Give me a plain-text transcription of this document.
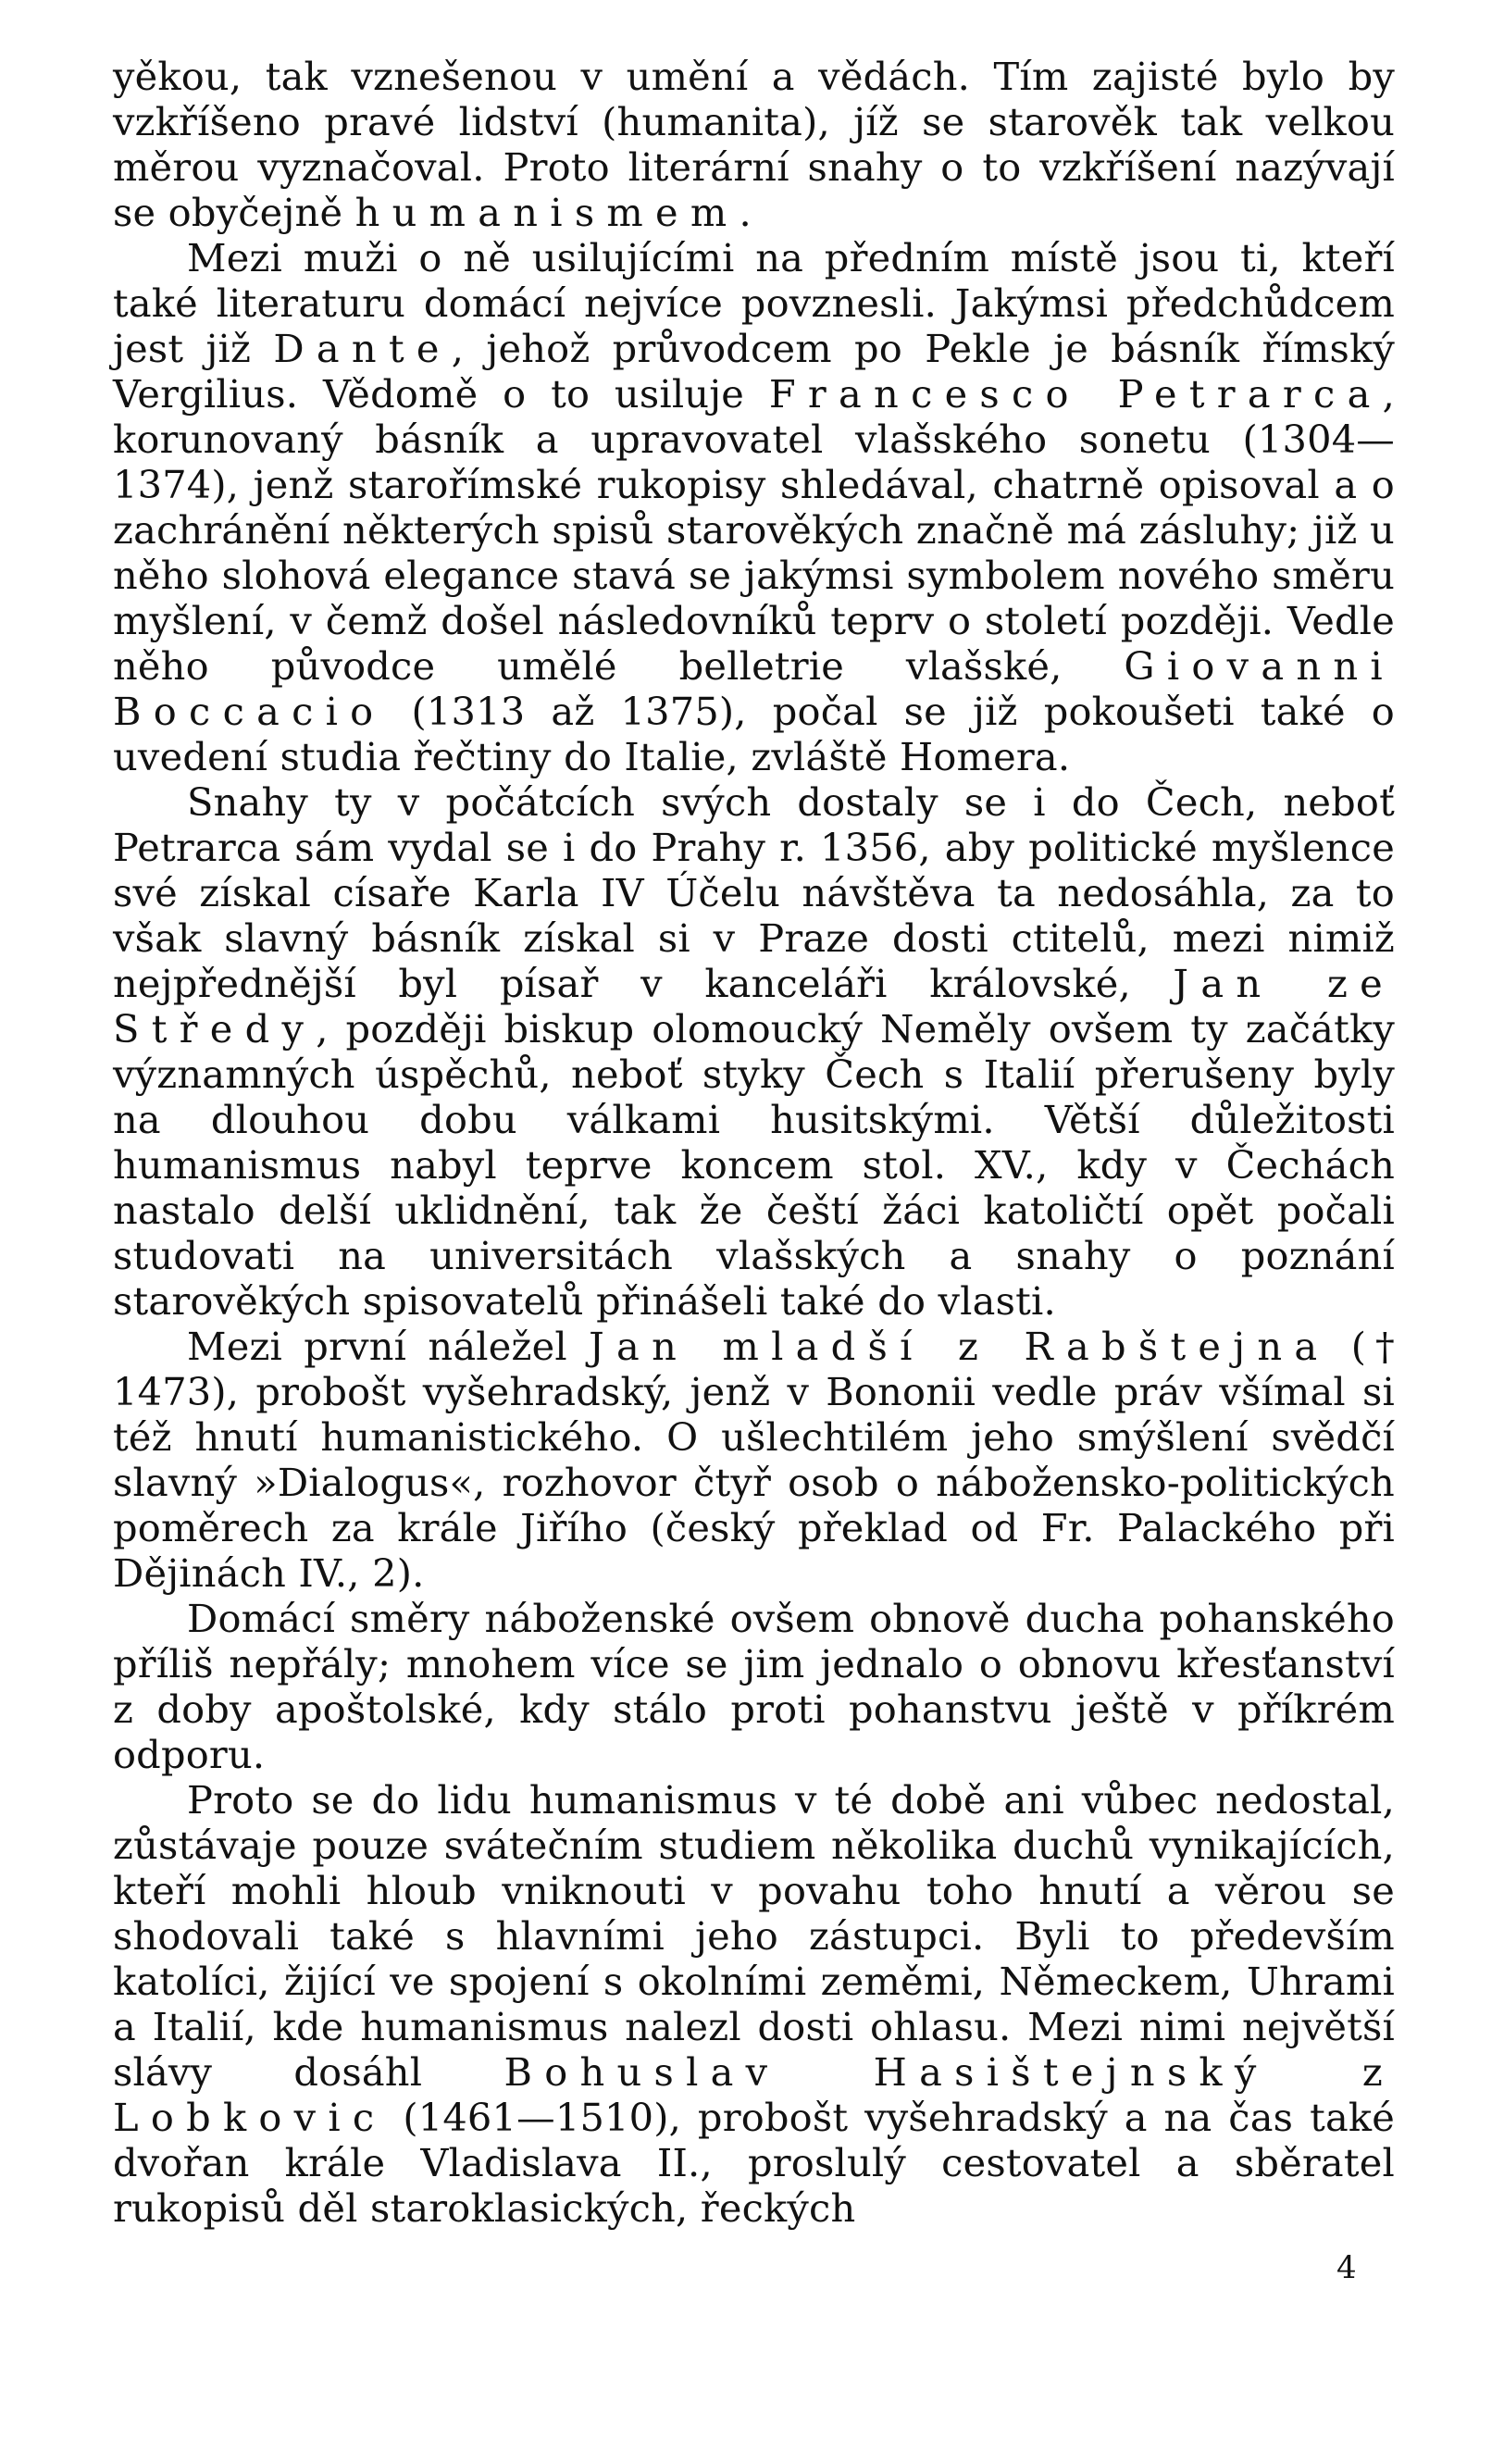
yěkou, tak vznešenou v umění a vědách. Tím zajisté bylo by vzkříšeno pravé lidství (humanita), jíž se starověk tak velkou měrou vyznačoval. Proto literární snahy o to vzkříšení nazývají se obyčejně humanismem.

Mezi muži o ně usilujícími na předním místě jsou ti, kteří také literaturu domácí nejvíce povznesli. Jakýmsi předchůdcem jest již Dante, jehož průvodcem po Pekle je básník římský Vergilius. Vědomě o to usiluje Francesco Petrarca, korunovaný básník a upravovatel vlašského sonetu (1304—1374), jenž starořímské rukopisy shledával, chatrně opisoval a o zachránění některých spisů starověkých značně má zásluhy; již u něho slohová elegance stavá se jakýmsi symbolem nového směru myšlení, v čemž došel následovníků teprv o století později. Vedle něho původce umělé belletrie vlašské, Giovanni Boccacio (1313 až 1375), počal se již pokoušeti také o uvedení studia řečtiny do Italie, zvláště Homera.

Snahy ty v počátcích svých dostaly se i do Čech, neboť Petrarca sám vydal se i do Prahy r. 1356, aby politické myšlence své získal císaře Karla IV Účelu návštěva ta nedosáhla, za to však slavný básník získal si v Praze dosti ctitelů, mezi nimiž nejpřednější byl písař v kanceláři královské, Jan ze Středy, později biskup olomoucký Neměly ovšem ty začátky významných úspěchů, neboť styky Čech s Italií přerušeny byly na dlouhou dobu válkami husitskými. Větší důležitosti humanismus nabyl teprve koncem stol. XV., kdy v Čechách nastalo delší uklidnění, tak že čeští žáci katoličtí opět počali studovati na universitách vlašských a snahy o poznání starověkých spisovatelů přinášeli také do vlasti.

Mezi první náležel Jan mladší z Rabštejna († 1473), probošt vyšehradský, jenž v Bononii vedle práv všímal si též hnutí humanistického. O ušlechtilém jeho smýšlení svědčí slavný »Dialogus«, rozhovor čtyř osob o nábožensko-politických poměrech za krále Jiřího (český překlad od Fr. Palackého při Dějinách IV., 2).

Domácí směry náboženské ovšem obnově ducha pohanského příliš nepřály; mnohem více se jim jednalo o obnovu křesťanství z doby apoštolské, kdy stálo proti pohanstvu ještě v příkrém odporu.

Proto se do lidu humanismus v té době ani vůbec nedostal, zůstávaje pouze svátečním studiem několika duchů vynikajících, kteří mohli hloub vniknouti v povahu toho hnutí a věrou se shodovali také s hlavními jeho zástupci. Byli to především katolíci, žijící ve spojení s okolními zeměmi, Německem, Uhrami a Italií, kde humanismus nalezl dosti ohlasu. Mezi nimi největší slávy dosáhl Bohuslav Hasištejnský z Lobkovic (1461—1510), probošt vyšehradský a na čas také dvořan krále Vladislava II., proslulý cestovatel a sběratel rukopisů děl staroklasických, řeckých

4
